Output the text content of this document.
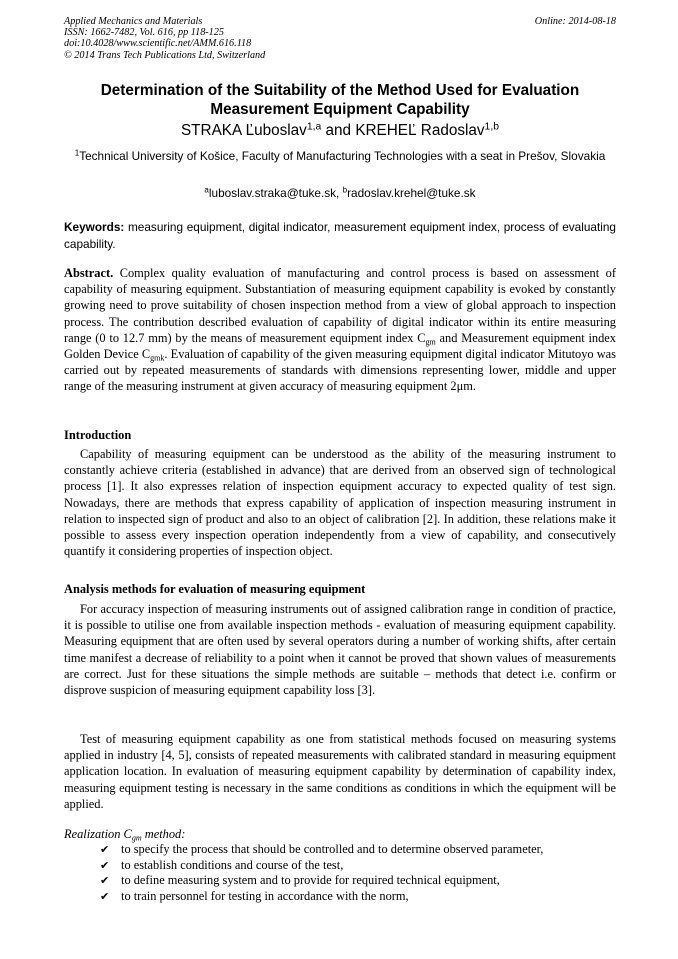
Applied Mechanics and Materials
ISSN: 1662-7482, Vol. 616, pp 118-125
doi:10.4028/www.scientific.net/AMM.616.118
© 2014 Trans Tech Publications Ltd, Switzerland
Online: 2014-08-18
Determination of the Suitability of the Method Used for Evaluation
Measurement Equipment Capability
STRAKA Ľuboslav$^{1,a}$ and KREHEĽ Radoslav$^{1,b}$
$^1$Technical University of Košice, Faculty of Manufacturing Technologies with a seat in Prešov, Slovakia
$^a$luboslav.straka@tuke.sk, $^b$radoslav.krehel@tuke.sk
Keywords: measuring equipment, digital indicator, measurement equipment index, process of evaluating capability.
Abstract. Complex quality evaluation of manufacturing and control process is based on assessment of capability of measuring equipment. Substantiation of measuring equipment capability is evoked by constantly growing need to prove suitability of chosen inspection method from a view of global approach to inspection process. The contribution described evaluation of capability of digital indicator within its entire measuring range (0 to 12.7 mm) by the means of measurement equipment index $C_{gm}$ and Measurement equipment index Golden Device $C_{gmk}$. Evaluation of capability of the given measuring equipment digital indicator Mitutoyo was carried out by repeated measurements of standards with dimensions representing lower, middle and upper range of the measuring instrument at given accuracy of measuring equipment 2μm.
Introduction
Capability of measuring equipment can be understood as the ability of the measuring instrument to constantly achieve criteria (established in advance) that are derived from an observed sign of technological process [1]. It also expresses relation of inspection equipment accuracy to expected quality of test sign. Nowadays, there are methods that express capability of application of inspection measuring instrument in relation to inspected sign of product and also to an object of calibration [2]. In addition, these relations make it possible to assess every inspection operation independently from a view of capability, and consecutively quantify it considering properties of inspection object.
Analysis methods for evaluation of measuring equipment
For accuracy inspection of measuring instruments out of assigned calibration range in condition of practice, it is possible to utilise one from available inspection methods - evaluation of measuring equipment capability. Measuring equipment that are often used by several operators during a number of working shifts, after certain time manifest a decrease of reliability to a point when it cannot be proved that shown values of measurements are correct. Just for these situations the simple methods are suitable – methods that detect i.e. confirm or disprove suspicion of measuring equipment capability loss [3].
Test of measuring equipment capability as one from statistical methods focused on measuring systems applied in industry [4, 5], consists of repeated measurements with calibrated standard in measuring equipment application location. In evaluation of measuring equipment capability by determination of capability index, measuring equipment testing is necessary in the same conditions as conditions in which the equipment will be applied.
Realization $C_{gm}$ method:
✔ to specify the process that should be controlled and to determine observed parameter,
✔ to establish conditions and course of the test,
✔ to define measuring system and to provide for required technical equipment,
✔ to train personnel for testing in accordance with the norm,
